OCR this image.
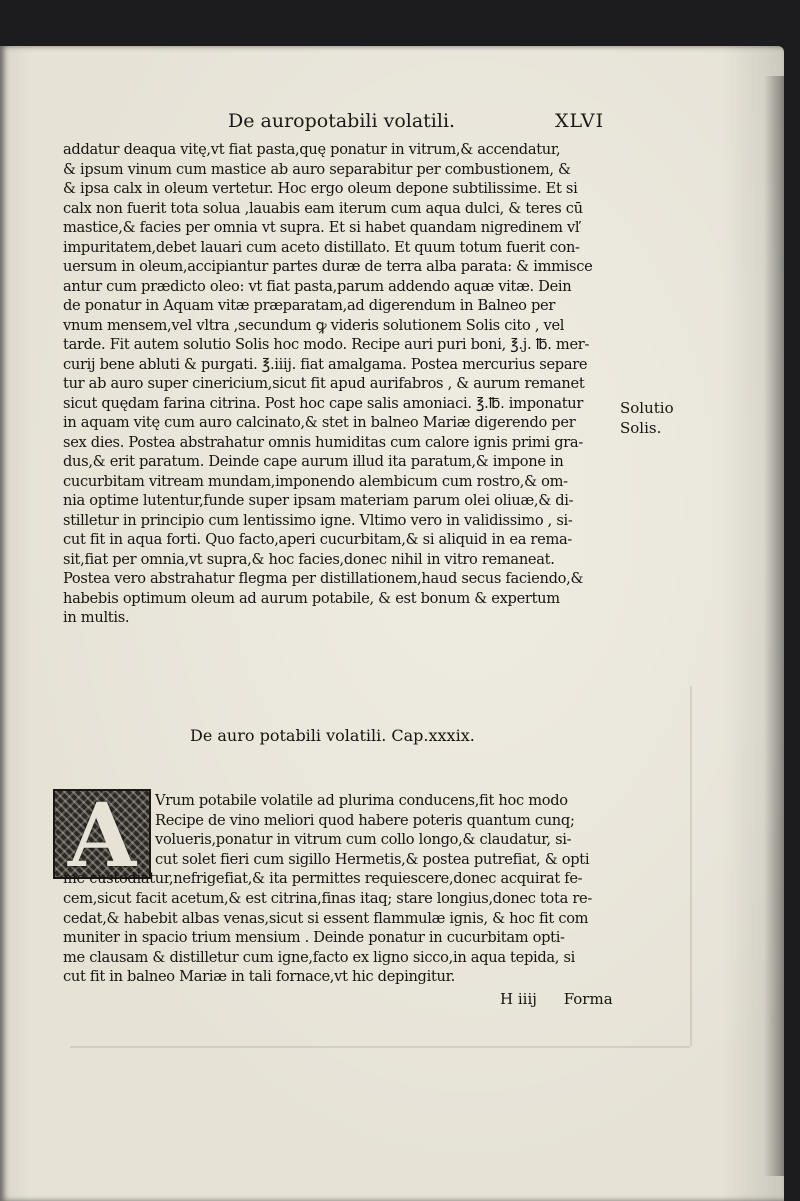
De auropotabili volatili.	XLVI
addatur deaqua vitę,vt fiat pasta,quę ponatur in vitrum,& accendatur,
& ipsum vinum cum mastice ab auro separabitur per combustionem, &
& ipsa calx in oleum vertetur. Hoc ergo oleum depone subtilissime. Et si
calx non fuerit tota solua ,lauabis eam iterum cum aqua dulci, & teres cū
mastice,& facies per omnia vt supra. Et si habet quandam nigredinem vľ
impuritatem,debet lauari cum aceto distillato. Et quum totum fuerit con-
uersum in oleum,accipiantur partes duræ de terra alba parata: & immisce
antur cum prædicto oleo: vt fiat pasta,parum addendo aquæ vitæ. Dein
de ponatur in Aquam vitæ præparatam,ad digerendum in Balneo per
vnum mensem,vel vltra ,secundum ꝙ videris solutionem Solis cito , vel
tarde. Fit autem solutio Solis hoc modo. Recipe auri puri boni, ℥.j. ℔. mer-
curij bene abluti & purgati. ℥.iiij. fiat amalgama. Postea mercurius separe
tur ab auro super cinericium,sicut fit apud aurifabros , & aurum remanet
sicut quędam farina citrina. Post hoc cape salis amoniaci. ℥.℔. imponatur
in aquam vitę cum auro calcinato,& stet in balneo Mariæ digerendo per
sex dies. Postea abstrahatur omnis humiditas cum calore ignis primi gra-
dus,& erit paratum. Deinde cape aurum illud ita paratum,& impone in
cucurbitam vitream mundam,imponendo alembicum cum rostro,& om-
nia optime lutentur,funde super ipsam materiam parum olei oliuæ,& di-
stilletur in principio cum lentissimo igne. Vltimo vero in validissimo , si-
cut fit in aqua forti. Quo facto,aperi cucurbitam,& si aliquid in ea rema-
sit,fiat per omnia,vt supra,& hoc facies,donec nihil in vitro remaneat.
Postea vero abstrahatur flegma per distillationem,haud secus faciendo,&
habebis optimum oleum ad aurum potabile, & est bonum & expertum
in multis.
Solutio
Solis.
De auro potabili volatili. Cap.xxxix.
A	Vrum potabile volatile ad plurima conducens,fit hoc modo
Recipe de vino meliori quod habere poteris quantum cunq;
volueris,ponatur in vitrum cum collo longo,& claudatur, si-
cut solet fieri cum sigillo Hermetis,& postea putrefiat, & opti
me custodiatur,nefrigefiat,& ita permittes requiescere,donec acquirat fe-
cem,sicut facit acetum,& est citrina,finas itaq; stare longius,donec tota re-
cedat,& habebit albas venas,sicut si essent flammulæ ignis, & hoc fit com
muniter in spacio trium mensium . Deinde ponatur in cucurbitam opti-
me clausam & distilletur cum igne,facto ex ligno sicco,in aqua tepida, si
cut fit in balneo Mariæ in tali fornace,vt hic depingitur.
H iiij Forma
